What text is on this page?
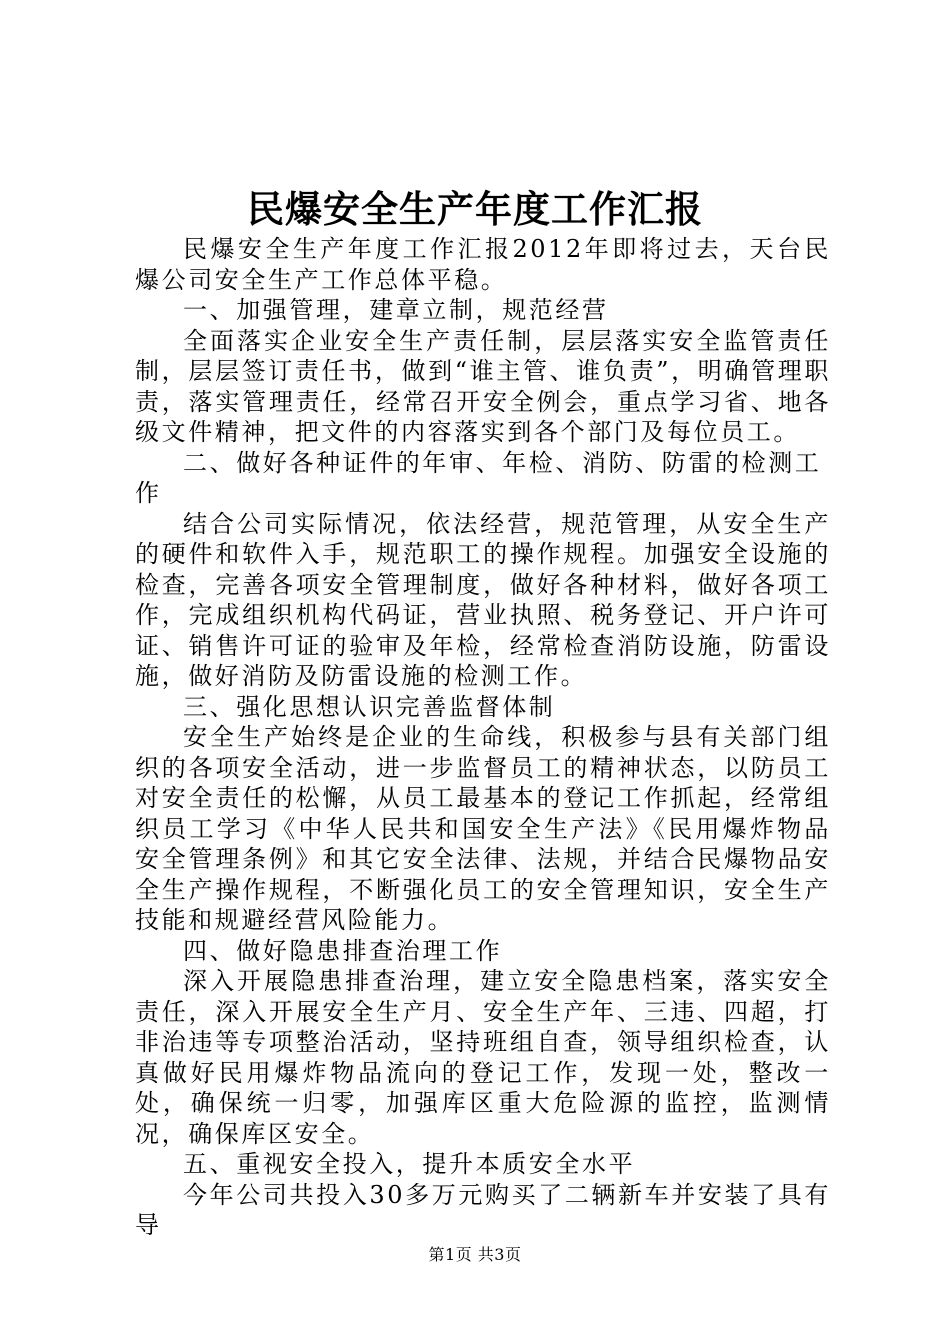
民爆安全生产年度工作汇报

民爆安全生产年度工作汇报2012年即将过去，天台民爆公司安全生产工作总体平稳。

一、加强管理，建章立制，规范经营

全面落实企业安全生产责任制，层层落实安全监管责任制，层层签订责任书，做到“谁主管、谁负责”，明确管理职责，落实管理责任，经常召开安全例会，重点学习省、地各级文件精神，把文件的内容落实到各个部门及每位员工。

二、做好各种证件的年审、年检、消防、防雷的检测工作

结合公司实际情况，依法经营，规范管理，从安全生产的硬件和软件入手，规范职工的操作规程。加强安全设施的检查，完善各项安全管理制度，做好各种材料，做好各项工作，完成组织机构代码证，营业执照、税务登记、开户许可证、销售许可证的验审及年检，经常检查消防设施，防雷设施，做好消防及防雷设施的检测工作。

三、强化思想认识完善监督体制

安全生产始终是企业的生命线，积极参与县有关部门组织的各项安全活动，进一步监督员工的精神状态，以防员工对安全责任的松懈，从员工最基本的登记工作抓起，经常组织员工学习《中华人民共和国安全生产法》《民用爆炸物品安全管理条例》和其它安全法律、法规，并结合民爆物品安全生产操作规程，不断强化员工的安全管理知识，安全生产技能和规避经营风险能力。

四、做好隐患排查治理工作

深入开展隐患排查治理，建立安全隐患档案，落实安全责任，深入开展安全生产月、安全生产年、三违、四超，打非治违等专项整治活动，坚持班组自查，领导组织检查，认真做好民用爆炸物品流向的登记工作，发现一处，整改一处，确保统一归零，加强库区重大危险源的监控，监测情况，确保库区安全。

五、重视安全投入，提升本质安全水平

今年公司共投入30多万元购买了二辆新车并安装了具有导

第1页 共3页
